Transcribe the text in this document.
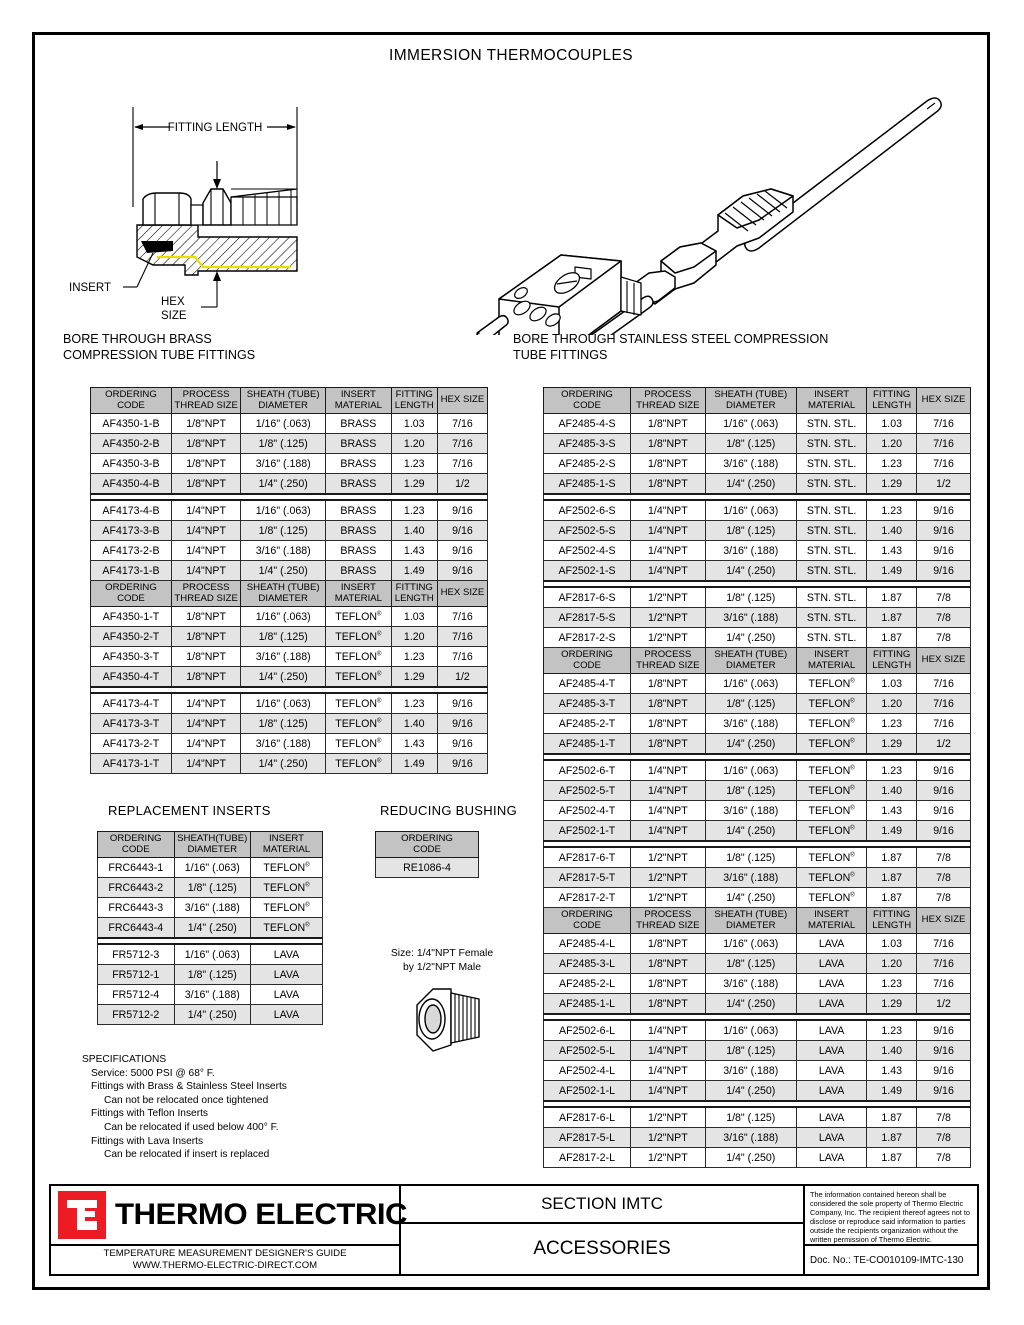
IMMERSION THERMOCOUPLES
FITTING LENGTH
INSERT
HEX
SIZE
BORE THROUGH BRASS
COMPRESSION TUBE FITTINGS
BORE THROUGH STAINLESS STEEL COMPRESSION
TUBE FITTINGS
ORDERING
CODE	PROCESS
THREAD SIZE	SHEATH (TUBE)
DIAMETER	INSERT
MATERIAL	FITTING
LENGTH	HEX SIZE
AF4350-1-B	1/8"NPT	1/16" (.063)	BRASS	1.03	7/16
AF4350-2-B	1/8"NPT	1/8" (.125)	BRASS	1.20	7/16
AF4350-3-B	1/8"NPT	3/16" (.188)	BRASS	1.23	7/16
AF4350-4-B	1/8"NPT	1/4" (.250)	BRASS	1.29	1/2

AF4173-4-B	1/4"NPT	1/16" (.063)	BRASS	1.23	9/16
AF4173-3-B	1/4"NPT	1/8" (.125)	BRASS	1.40	9/16
AF4173-2-B	1/4"NPT	3/16" (.188)	BRASS	1.43	9/16
AF4173-1-B	1/4"NPT	1/4" (.250)	BRASS	1.49	9/16
ORDERING
CODE	PROCESS
THREAD SIZE	SHEATH (TUBE)
DIAMETER	INSERT
MATERIAL	FITTING
LENGTH	HEX SIZE
AF4350-1-T	1/8"NPT	1/16" (.063)	TEFLON®	1.03	7/16
AF4350-2-T	1/8"NPT	1/8" (.125)	TEFLON®	1.20	7/16
AF4350-3-T	1/8"NPT	3/16" (.188)	TEFLON®	1.23	7/16
AF4350-4-T	1/8"NPT	1/4" (.250)	TEFLON®	1.29	1/2

AF4173-4-T	1/4"NPT	1/16" (.063)	TEFLON®	1.23	9/16
AF4173-3-T	1/4"NPT	1/8" (.125)	TEFLON®	1.40	9/16
AF4173-2-T	1/4"NPT	3/16" (.188)	TEFLON®	1.43	9/16
AF4173-1-T	1/4"NPT	1/4" (.250)	TEFLON®	1.49	9/16
ORDERING
CODE	PROCESS
THREAD SIZE	SHEATH (TUBE)
DIAMETER	INSERT
MATERIAL	FITTING
LENGTH	HEX SIZE
AF2485-4-S	1/8"NPT	1/16" (.063)	STN. STL.	1.03	7/16
AF2485-3-S	1/8"NPT	1/8" (.125)	STN. STL.	1.20	7/16
AF2485-2-S	1/8"NPT	3/16" (.188)	STN. STL.	1.23	7/16
AF2485-1-S	1/8"NPT	1/4" (.250)	STN. STL.	1.29	1/2

AF2502-6-S	1/4"NPT	1/16" (.063)	STN. STL.	1.23	9/16
AF2502-5-S	1/4"NPT	1/8" (.125)	STN. STL.	1.40	9/16
AF2502-4-S	1/4"NPT	3/16" (.188)	STN. STL.	1.43	9/16
AF2502-1-S	1/4"NPT	1/4" (.250)	STN. STL.	1.49	9/16

AF2817-6-S	1/2"NPT	1/8" (.125)	STN. STL.	1.87	7/8
AF2817-5-S	1/2"NPT	3/16" (.188)	STN. STL.	1.87	7/8
AF2817-2-S	1/2"NPT	1/4" (.250)	STN. STL.	1.87	7/8
ORDERING
CODE	PROCESS
THREAD SIZE	SHEATH (TUBE)
DIAMETER	INSERT
MATERIAL	FITTING
LENGTH	HEX SIZE
AF2485-4-T	1/8"NPT	1/16" (.063)	TEFLON®	1.03	7/16
AF2485-3-T	1/8"NPT	1/8" (.125)	TEFLON®	1.20	7/16
AF2485-2-T	1/8"NPT	3/16" (.188)	TEFLON®	1.23	7/16
AF2485-1-T	1/8"NPT	1/4" (.250)	TEFLON®	1.29	1/2

AF2502-6-T	1/4"NPT	1/16" (.063)	TEFLON®	1.23	9/16
AF2502-5-T	1/4"NPT	1/8" (.125)	TEFLON®	1.40	9/16
AF2502-4-T	1/4"NPT	3/16" (.188)	TEFLON®	1.43	9/16
AF2502-1-T	1/4"NPT	1/4" (.250)	TEFLON®	1.49	9/16

AF2817-6-T	1/2"NPT	1/8" (.125)	TEFLON®	1.87	7/8
AF2817-5-T	1/2"NPT	3/16" (.188)	TEFLON®	1.87	7/8
AF2817-2-T	1/2"NPT	1/4" (.250)	TEFLON®	1.87	7/8
ORDERING
CODE	PROCESS
THREAD SIZE	SHEATH (TUBE)
DIAMETER	INSERT
MATERIAL	FITTING
LENGTH	HEX SIZE
AF2485-4-L	1/8"NPT	1/16" (.063)	LAVA	1.03	7/16
AF2485-3-L	1/8"NPT	1/8" (.125)	LAVA	1.20	7/16
AF2485-2-L	1/8"NPT	3/16" (.188)	LAVA	1.23	7/16
AF2485-1-L	1/8"NPT	1/4" (.250)	LAVA	1.29	1/2

AF2502-6-L	1/4"NPT	1/16" (.063)	LAVA	1.23	9/16
AF2502-5-L	1/4"NPT	1/8" (.125)	LAVA	1.40	9/16
AF2502-4-L	1/4"NPT	3/16" (.188)	LAVA	1.43	9/16
AF2502-1-L	1/4"NPT	1/4" (.250)	LAVA	1.49	9/16

AF2817-6-L	1/2"NPT	1/8" (.125)	LAVA	1.87	7/8
AF2817-5-L	1/2"NPT	3/16" (.188)	LAVA	1.87	7/8
AF2817-2-L	1/2"NPT	1/4" (.250)	LAVA	1.87	7/8
REPLACEMENT INSERTS
ORDERING
CODE	SHEATH(TUBE)
DIAMETER	INSERT
MATERIAL
FRC6443-1	1/16" (.063)	TEFLON®
FRC6443-2	1/8" (.125)	TEFLON®
FRC6443-3	3/16" (.188)	TEFLON®
FRC6443-4	1/4" (.250)	TEFLON®

FR5712-3	1/16" (.063)	LAVA
FR5712-1	1/8" (.125)	LAVA
FR5712-4	3/16" (.188)	LAVA
FR5712-2	1/4" (.250)	LAVA
REDUCING BUSHING
ORDERING
CODE
RE1086-4
Size: 1/4"NPT Female
by 1/2"NPT Male
SPECIFICATIONS
Service: 5000 PSI @ 68° F.
Fittings with Brass & Stainless Steel Inserts
Can not be relocated once tightened
Fittings with Teflon Inserts
Can be relocated if used below 400° F.
Fittings with Lava Inserts
Can be relocated if insert is replaced
THERMO ELECTRIC
TEMPERATURE MEASUREMENT DESIGNER'S GUIDE
WWW.THERMO-ELECTRIC-DIRECT.COM
SECTION IMTC
ACCESSORIES
The information contained hereon shall be considered the sole property of Thermo Electric Company, Inc. The recipient thereof agrees not to disclose or reproduce said information to parties outside the recipients organization without the written permission of Thermo Electric.
Doc. No.: TE-CO010109-IMTC-130
